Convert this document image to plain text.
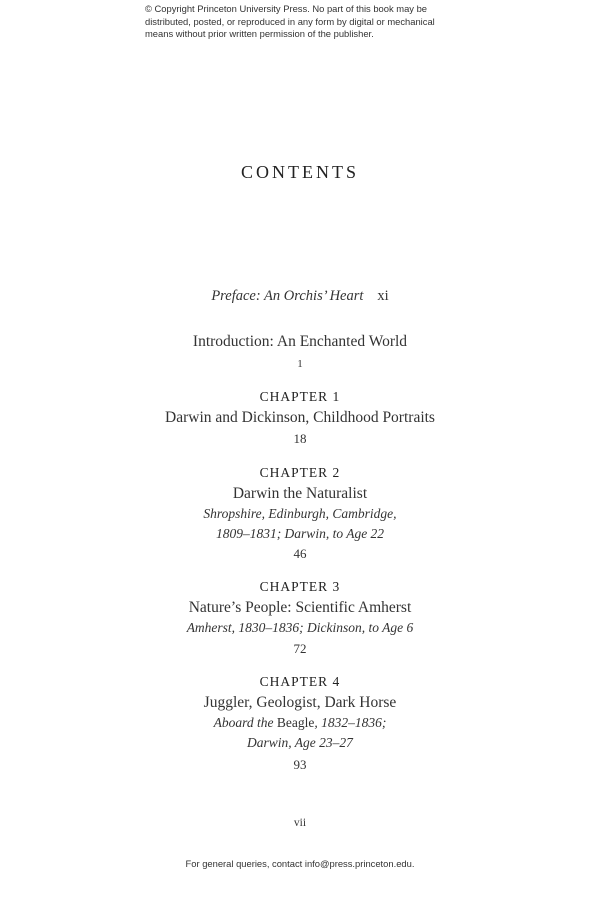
© Copyright Princeton University Press. No part of this book may be
distributed, posted, or reproduced in any form by digital or mechanical
means without prior written permission of the publisher.
CONTENTS
Preface: An Orchis’ Heart xi
Introduction: An Enchanted World
1
CHAPTER 1
Darwin and Dickinson, Childhood Portraits
18
CHAPTER 2
Darwin the Naturalist
Shropshire, Edinburgh, Cambridge,
1809–1831; Darwin, to Age 22
46
CHAPTER 3
Nature’s People: Scientific Amherst
Amherst, 1830–1836; Dickinson, to Age 6
72
CHAPTER 4
Juggler, Geologist, Dark Horse
Aboard the Beagle, 1832–1836;
Darwin, Age 23–27
93
vii
For general queries, contact info@press.princeton.edu.
